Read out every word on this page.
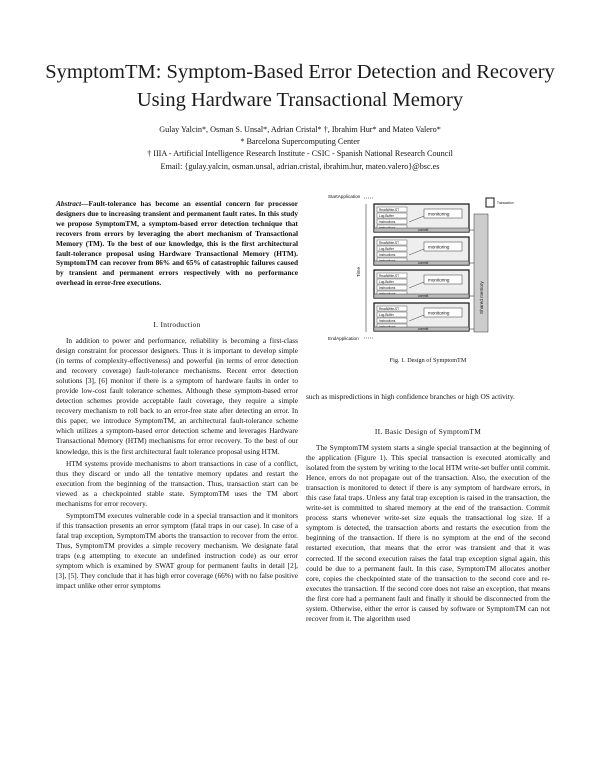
SymptomTM: Symptom-Based Error Detection and Recovery Using Hardware Transactional Memory
Gulay Yalcin*, Osman S. Unsal*, Adrian Cristal* †, Ibrahim Hur* and Mateo Valero*
* Barcelona Supercomputing Center
† IIIA - Artificial Intelligence Research Institute - CSIC - Spanish National Research Council
Email: {gulay.yalcin, osman.unsal, adrian.cristal, ibrahim.hur, mateo.valero}@bsc.es
Abstract—Fault-tolerance has become an essential concern for processor designers due to increasing transient and permanent fault rates. In this study we propose SymptomTM, a symptom-based error detection technique that recovers from errors by leveraging the abort mechanism of Transactional Memory (TM). To the best of our knowledge, this is the first architectural fault-tolerance proposal using Hardware Transactional Memory (HTM). SymptomTM can recover from 86% and 65% of catastrophic failures caused by transient and permanent errors respectively with no performance overhead in error-free executions.
I. Introduction

In addition to power and performance, reliability is becoming a first-class design constraint for processor designers. Thus it is important to develop simple (in terms of complexity-effectiveness) and powerful (in terms of error detection and recovery coverage) fault-tolerance mechanisms. Recent error detection solutions [3], [6] monitor if there is a symptom of hardware faults in order to provide low-cost fault tolerance schemes. Although these symptom-based error detection schemes provide acceptable fault coverage, they require a simple recovery mechanism to roll back to an error-free state after detecting an error. In this paper, we introduce SymptomTM, an architectural fault-tolerance scheme which utilizes a symptom-based error detection scheme and leverages Hardware Transactional Memory (HTM) mechanisms for error recovery. To the best of our knowledge, this is the first architectural fault tolerance proposal using HTM.

HTM systems provide mechanisms to abort transactions in case of a conflict, thus they discard or undo all the tentative memory updates and restart the execution from the beginning of the transaction. Thus, transaction start can be viewed as a checkpointed stable state. SymptomTM uses the TM abort mechanisms for error recovery.

SymptomTM executes vulnerable code in a special transaction and it monitors if this transaction presents an error symptom (fatal traps in our case). In case of a fatal trap exception, SymptomTM aborts the transaction to recover from the error. Thus, SymptomTM provides a simple recovery mechanism. We designate fatal traps (e.g attempting to execute an undefined instruction code) as our error symptom which is examined by SWAT group for permanent faults in detail [2], [3], [5]. They conclude that it has high error coverage (66%) with no false positive impact unlike other error symptoms

StartApplication
EndApplication
Time
Transaction
Shared memory
ReadWrite-ST
Log-Buffer
Instructions
monitoring
commit
ReadWrite-ST
Log-Buffer
Instructions
monitoring
commit
ReadWrite-ST
Log-Buffer
Instructions
monitoring
commit
ReadWrite-ST
Log-Buffer
Instructions
monitoring
commit
Fig. 1. Design of SymptomTM
such as mispredictions in high confidence branches or high OS activity.
II. Basic Design of SymptomTM

The SymptomTM system starts a single special transaction at the beginning of the application (Figure 1). This special transaction is executed atomically and isolated from the system by writing to the local HTM write-set buffer until commit. Hence, errors do not propagate out of the transaction. Also, the execution of the transaction is monitored to detect if there is any symptom of hardware errors, in this case fatal traps. Unless any fatal trap exception is raised in the transaction, the write-set is committed to shared memory at the end of the transaction. Commit process starts whenever write-set size equals the transactional log size. If a symptom is detected, the transaction aborts and restarts the execution from the beginning of the transaction. If there is no symptom at the end of the second restarted execution, that means that the error was transient and that it was corrected. If the second execution raises the fatal trap exception signal again, this could be due to a permanent fault. In this case, SymptomTM allocates another core, copies the checkpointed state of the transaction to the second core and re-executes the transaction. If the second core does not raise an exception, that means the first core had a permanent fault and finally it should be disconnected from the system. Otherwise, either the error is caused by software or SymptomTM can not recover from it. The algorithm used
